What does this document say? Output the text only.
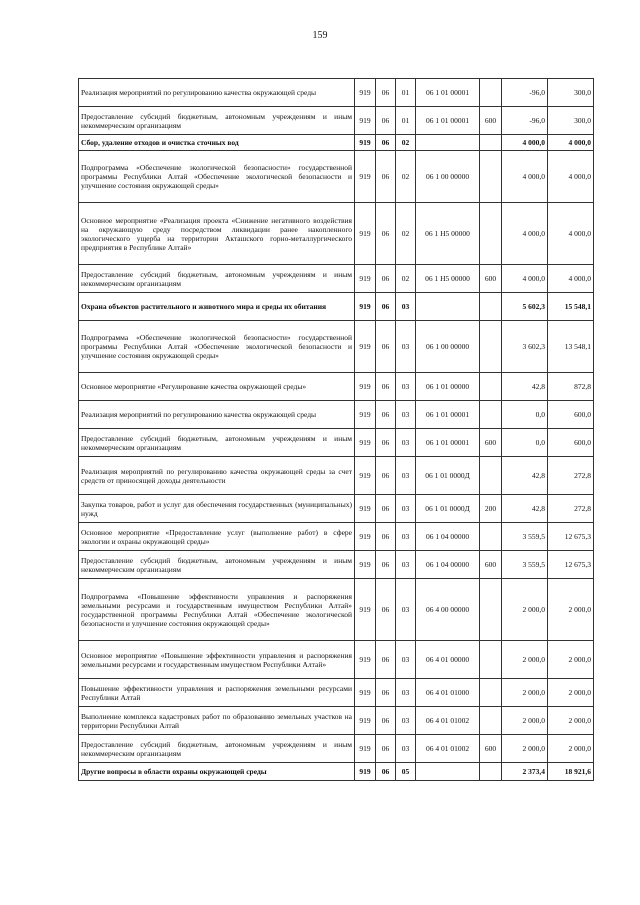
159
Реализация мероприятий по регулированию качества окружающей среды	919	06	01	06 1 01 00001		-96,0	300,0
Предоставление субсидий бюджетным, автономным учреждениям и иным некоммерческим организациям	919	06	01	06 1 01 00001	600	-96,0	300,0
Сбор, удаление отходов и очистка сточных вод	919	06	02			4 000,0	4 000,0
Подпрограмма «Обеспечение экологической безопасности» государственной программы Республики Алтай «Обеспечение экологической безопасности и улучшение состояния окружающей среды»	919	06	02	06 1 00 00000		4 000,0	4 000,0
Основное мероприятие «Реализация проекта «Снижение негативного воздействия на окружающую среду посредством ликвидации ранее накопленного экологического ущерба на территории Акташского горно-металлургического предприятия в Республике Алтай»	919	06	02	06 1 Н5 00000		4 000,0	4 000,0
Предоставление субсидий бюджетным, автономным учреждениям и иным некоммерческим организациям	919	06	02	06 1 Н5 00000	600	4 000,0	4 000,0
Охрана объектов растительного и животного мира и среды их обитания	919	06	03			5 602,3	15 548,1
Подпрограмма «Обеспечение экологической безопасности» государственной программы Республики Алтай «Обеспечение экологической безопасности и улучшение состояния окружающей среды»	919	06	03	06 1 00 00000		3 602,3	13 548,1
Основное мероприятие «Регулирование качества окружающей среды»	919	06	03	06 1 01 00000		42,8	872,8
Реализация мероприятий по регулированию качества окружающей среды	919	06	03	06 1 01 00001		0,0	600,0
Предоставление субсидий бюджетным, автономным учреждениям и иным некоммерческим организациям	919	06	03	06 1 01 00001	600	0,0	600,0
Реализация мероприятий по регулированию качества окружающей среды за счет средств от приносящей доходы деятельности	919	06	03	06 1 01 0000Д		42,8	272,8
Закупка товаров, работ и услуг для обеспечения государственных (муниципальных) нужд	919	06	03	06 1 01 0000Д	200	42,8	272,8
Основное мероприятие «Предоставление услуг (выполнение работ) в сфере экологии и охраны окружающей среды»	919	06	03	06 1 04 00000		3 559,5	12 675,3
Предоставление субсидий бюджетным, автономным учреждениям и иным некоммерческим организациям	919	06	03	06 1 04 00000	600	3 559,5	12 675,3
Подпрограмма «Повышение эффективности управления и распоряжения земельными ресурсами и государственным имуществом Республики Алтай» государственной программы Республики Алтай «Обеспечение экологической безопасности и улучшение состояния окружающей среды»	919	06	03	06 4 00 00000		2 000,0	2 000,0
Основное мероприятие «Повышение эффективности управления и распоряжения земельными ресурсами и государственным имуществом Республики Алтай»	919	06	03	06 4 01 00000		2 000,0	2 000,0
Повышение эффективности управления и распоряжения земельными ресурсами Республики Алтай	919	06	03	06 4 01 01000		2 000,0	2 000,0
Выполнение комплекса кадастровых работ по образованию земельных участков на территории Республики Алтай	919	06	03	06 4 01 01002		2 000,0	2 000,0
Предоставление субсидий бюджетным, автономным учреждениям и иным некоммерческим организациям	919	06	03	06 4 01 01002	600	2 000,0	2 000,0
Другие вопросы в области охраны окружающей среды	919	06	05			2 373,4	18 921,6
